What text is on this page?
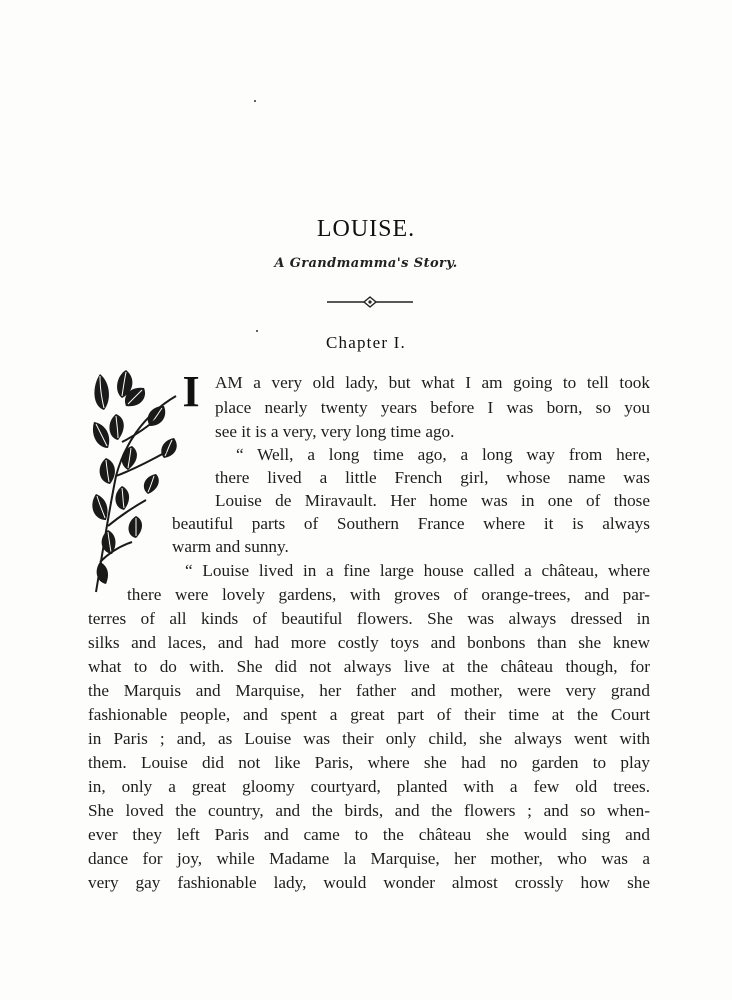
LOUISE.
A Grandmamma's Story.
Chapter I.
I AM a very old lady, but what I am going to tell took
place nearly twenty years before I was born, so you
see it is a very, very long time ago.
“ Well, a long time ago, a long way from here,
there lived a little French girl, whose name was
Louise de Miravault. Her home was in one of those
beautiful parts of Southern France where it is always
warm and sunny.
“ Louise lived in a fine large house called a château, where
there were lovely gardens, with groves of orange-trees, and par-
terres of all kinds of beautiful flowers. She was always dressed in
silks and laces, and had more costly toys and bonbons than she knew
what to do with. She did not always live at the château though, for
the Marquis and Marquise, her father and mother, were very grand
fashionable people, and spent a great part of their time at the Court
in Paris ; and, as Louise was their only child, she always went with
them. Louise did not like Paris, where she had no garden to play
in, only a great gloomy courtyard, planted with a few old trees.
She loved the country, and the birds, and the flowers ; and so when-
ever they left Paris and came to the château she would sing and
dance for joy, while Madame la Marquise, her mother, who was a
very gay fashionable lady, would wonder almost crossly how she
